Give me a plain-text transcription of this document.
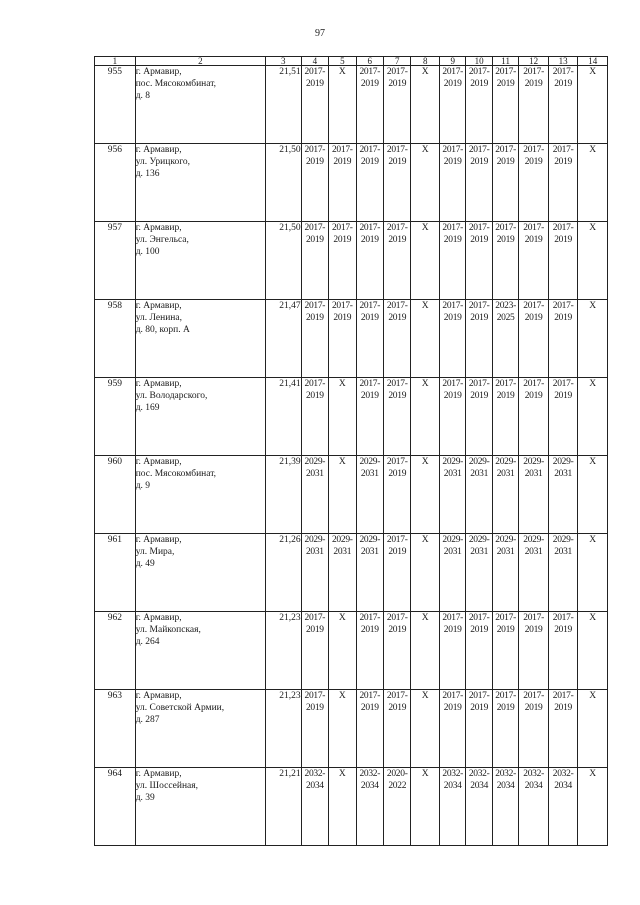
97
1	2	3	4	5	6	7	8	9	10	11	12	13	14
955	г. Армавир,
пос. Мясокомбинат,
д. 8	21,51	2017-
2019	X	2017-
2019	2017-
2019	X	2017-
2019	2017-
2019	2017-
2019	2017-
2019	2017-
2019	X

956	г. Армавир,
ул. Урицкого,
д. 136	21,50	2017-
2019	2017-
2019	2017-
2019	2017-
2019	X	2017-
2019	2017-
2019	2017-
2019	2017-
2019	2017-
2019	X

957	г. Армавир,
ул. Энгельса,
д. 100	21,50	2017-
2019	2017-
2019	2017-
2019	2017-
2019	X	2017-
2019	2017-
2019	2017-
2019	2017-
2019	2017-
2019	X

958	г. Армавир,
ул. Ленина,
д. 80, корп. А	21,47	2017-
2019	2017-
2019	2017-
2019	2017-
2019	X	2017-
2019	2017-
2019	2023-
2025	2017-
2019	2017-
2019	X

959	г. Армавир,
ул. Володарского,
д. 169	21,41	2017-
2019	X	2017-
2019	2017-
2019	X	2017-
2019	2017-
2019	2017-
2019	2017-
2019	2017-
2019	X

960	г. Армавир,
пос. Мясокомбинат,
д. 9	21,39	2029-
2031	X	2029-
2031	2017-
2019	X	2029-
2031	2029-
2031	2029-
2031	2029-
2031	2029-
2031	X

961	г. Армавир,
ул. Мира,
д. 49	21,26	2029-
2031	2029-
2031	2029-
2031	2017-
2019	X	2029-
2031	2029-
2031	2029-
2031	2029-
2031	2029-
2031	X

962	г. Армавир,
ул. Майкопская,
д. 264	21,23	2017-
2019	X	2017-
2019	2017-
2019	X	2017-
2019	2017-
2019	2017-
2019	2017-
2019	2017-
2019	X

963	г. Армавир,
ул. Советской Армии,
д. 287	21,23	2017-
2019	X	2017-
2019	2017-
2019	X	2017-
2019	2017-
2019	2017-
2019	2017-
2019	2017-
2019	X

964	г. Армавир,
ул. Шоссейная,
д. 39	21,21	2032-
2034	X	2032-
2034	2020-
2022	X	2032-
2034	2032-
2034	2032-
2034	2032-
2034	2032-
2034	X
